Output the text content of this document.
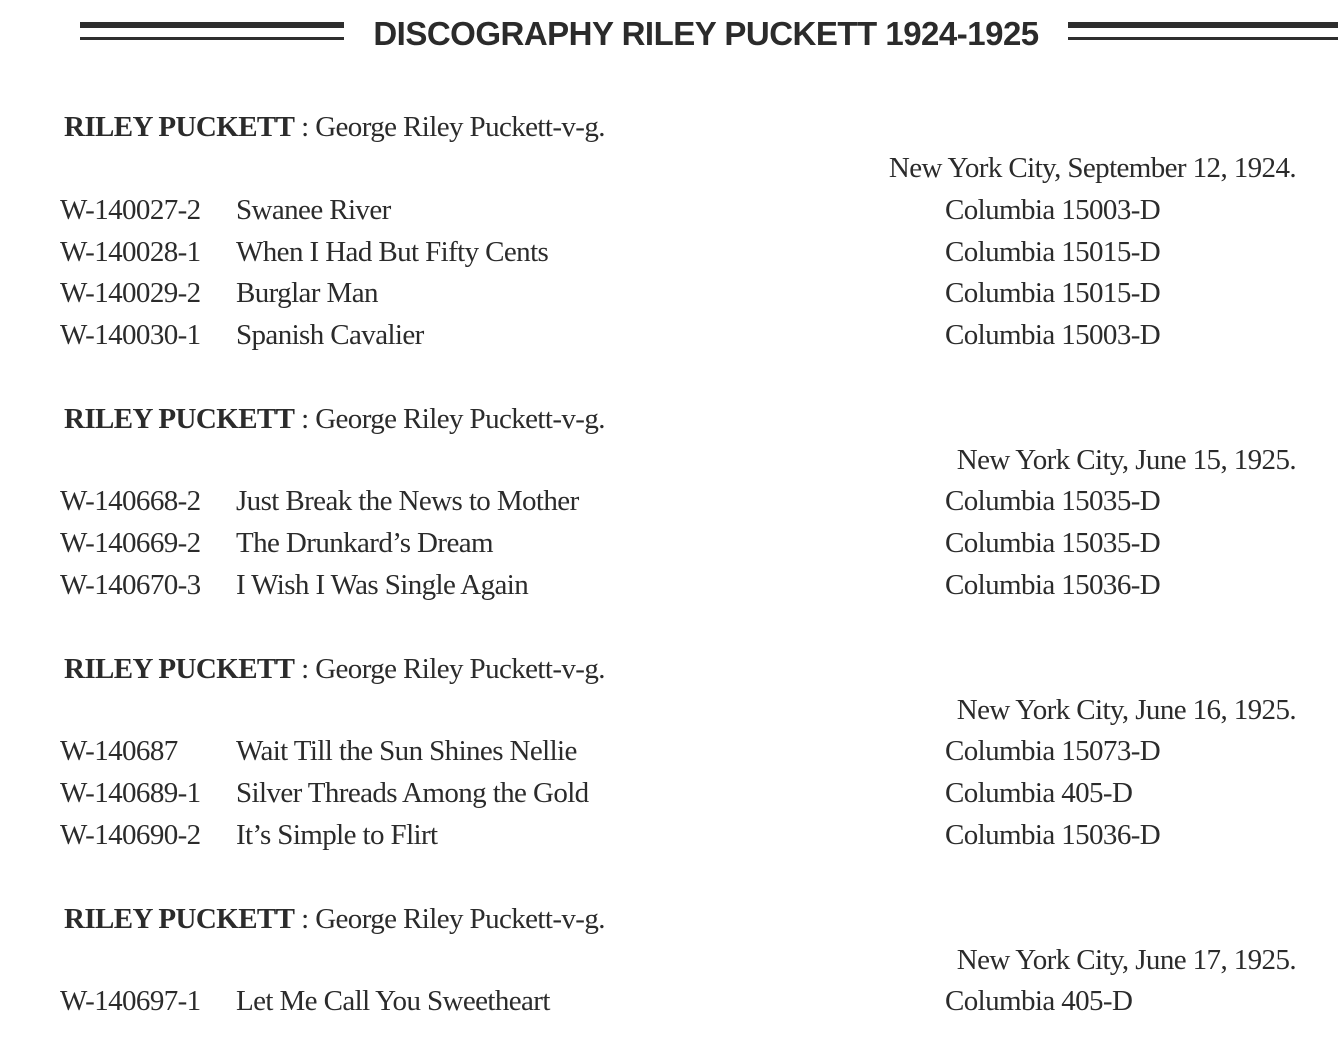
DISCOGRAPHY RILEY PUCKETT 1924-1925
RILEY PUCKETT : George Riley Puckett-v-g.
New York City, September 12, 1924.
W-140027-2 Swanee River	Columbia 15003-D
W-140028-1 When I Had But Fifty Cents	Columbia 15015-D
W-140029-2 Burglar Man	Columbia 15015-D
W-140030-1 Spanish Cavalier	Columbia 15003-D
RILEY PUCKETT : George Riley Puckett-v-g.
New York City, June 15, 1925.
W-140668-2 Just Break the News to Mother	Columbia 15035-D
W-140669-2 The Drunkard’s Dream	Columbia 15035-D
W-140670-3 I Wish I Was Single Again	Columbia 15036-D
RILEY PUCKETT : George Riley Puckett-v-g.
New York City, June 16, 1925.
W-140687 Wait Till the Sun Shines Nellie	Columbia 15073-D
W-140689-1 Silver Threads Among the Gold	Columbia 405-D
W-140690-2 It’s Simple to Flirt	Columbia 15036-D
RILEY PUCKETT : George Riley Puckett-v-g.
New York City, June 17, 1925.
W-140697-1 Let Me Call You Sweetheart	Columbia 405-D
